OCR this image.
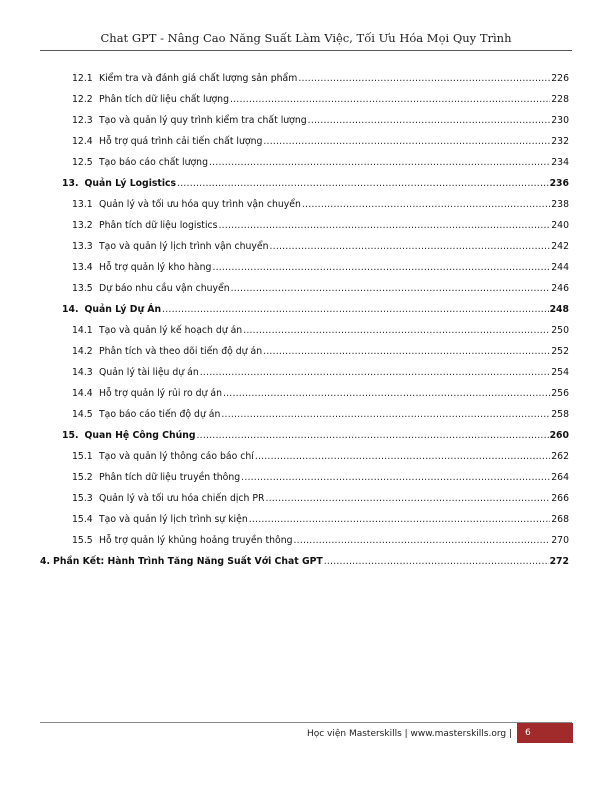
Chat GPT - Nâng Cao Năng Suất Làm Việc, Tối Ưu Hóa Mọi Quy Trình
12.1 Kiểm tra và đánh giá chất lượng sản phẩm .....	226
12.2 Phân tích dữ liệu chất lượng .....	228
12.3 Tạo và quản lý quy trình kiểm tra chất lượng .....	230
12.4 Hỗ trợ quá trình cải tiến chất lượng .....	232
12.5 Tạo báo cáo chất lượng .....	234
13. Quản Lý Logistics .....	236
13.1 Quản lý và tối ưu hóa quy trình vận chuyển .....	238
13.2 Phân tích dữ liệu logistics .....	240
13.3 Tạo và quản lý lịch trình vận chuyển .....	242
13.4 Hỗ trợ quản lý kho hàng .....	244
13.5 Dự báo nhu cầu vận chuyển .....	246
14. Quản Lý Dự Án .....	248
14.1 Tạo và quản lý kế hoạch dự án .....	250
14.2 Phân tích và theo dõi tiến độ dự án .....	252
14.3 Quản lý tài liệu dự án .....	254
14.4 Hỗ trợ quản lý rủi ro dự án .....	256
14.5 Tạo báo cáo tiến độ dự án .....	258
15. Quan Hệ Công Chúng .....	260
15.1 Tạo và quản lý thông cáo báo chí .....	262
15.2 Phân tích dữ liệu truyền thông .....	264
15.3 Quản lý và tối ưu hóa chiến dịch PR .....	266
15.4 Tạo và quản lý lịch trình sự kiện .....	268
15.5 Hỗ trợ quản lý khủng hoảng truyền thông .....	270
4. Phần Kết: Hành Trình Tăng Năng Suất Với Chat GPT .....	272
Học viện Masterskills | www.masterskills.org |	6
